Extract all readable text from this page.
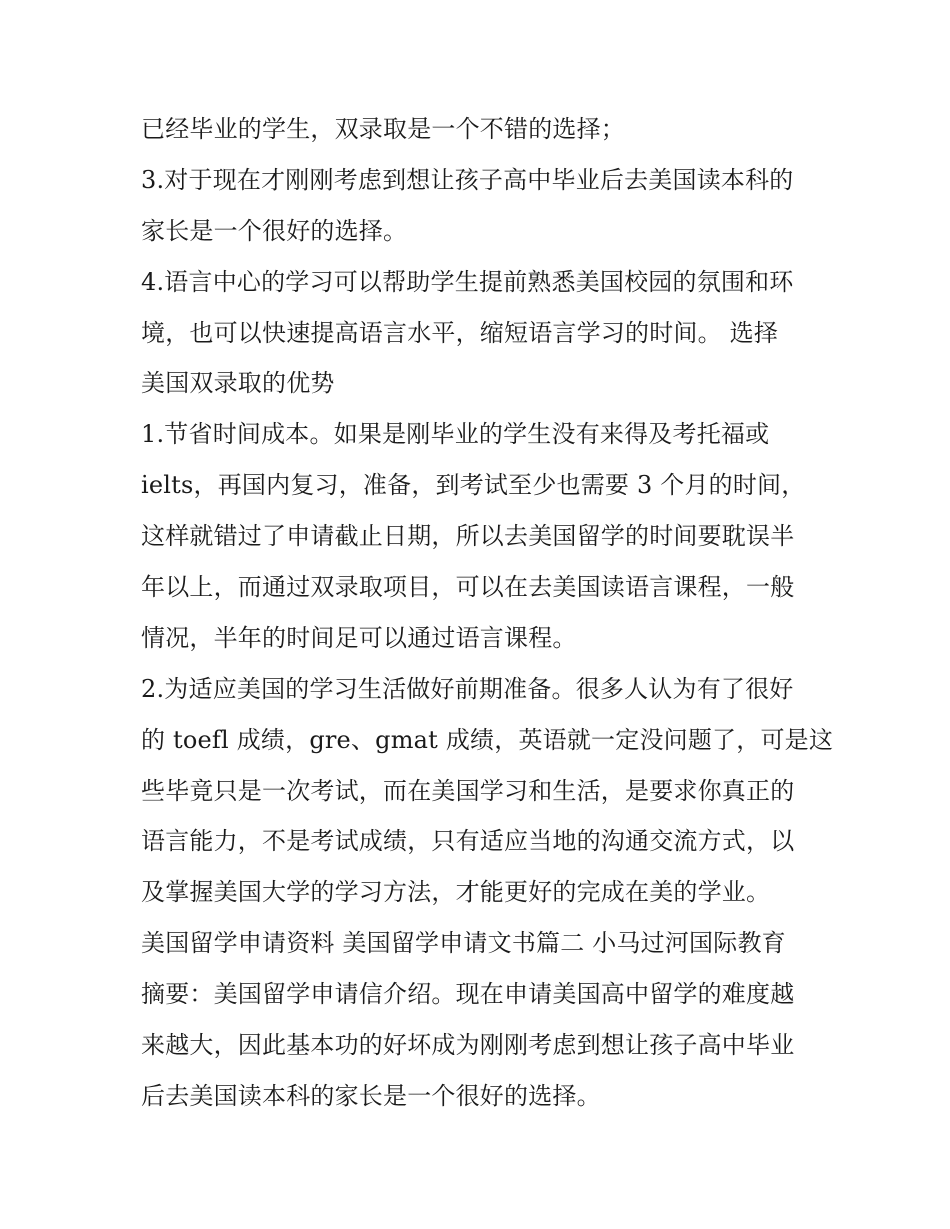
已经毕业的学生，双录取是一个不错的选择；
3.对于现在才刚刚考虑到想让孩子高中毕业后去美国读本科的
家长是一个很好的选择。
4.语言中心的学习可以帮助学生提前熟悉美国校园的氛围和环
境，也可以快速提高语言水平，缩短语言学习的时间。 选择
美国双录取的优势
1.节省时间成本。如果是刚毕业的学生没有来得及考托福或
ielts，再国内复习，准备，到考试至少也需要 3 个月的时间，
这样就错过了申请截止日期，所以去美国留学的时间要耽误半
年以上，而通过双录取项目，可以在去美国读语言课程，一般
情况，半年的时间足可以通过语言课程。
2.为适应美国的学习生活做好前期准备。很多人认为有了很好
的 toefl 成绩，gre、gmat 成绩，英语就一定没问题了，可是这
些毕竟只是一次考试，而在美国学习和生活，是要求你真正的
语言能力，不是考试成绩，只有适应当地的沟通交流方式，以
及掌握美国大学的学习方法，才能更好的完成在美的学业。
美国留学申请资料 美国留学申请文书篇二 小马过河国际教育
摘要：美国留学申请信介绍。现在申请美国高中留学的难度越
来越大，因此基本功的好坏成为刚刚考虑到想让孩子高中毕业
后去美国读本科的家长是一个很好的选择。
